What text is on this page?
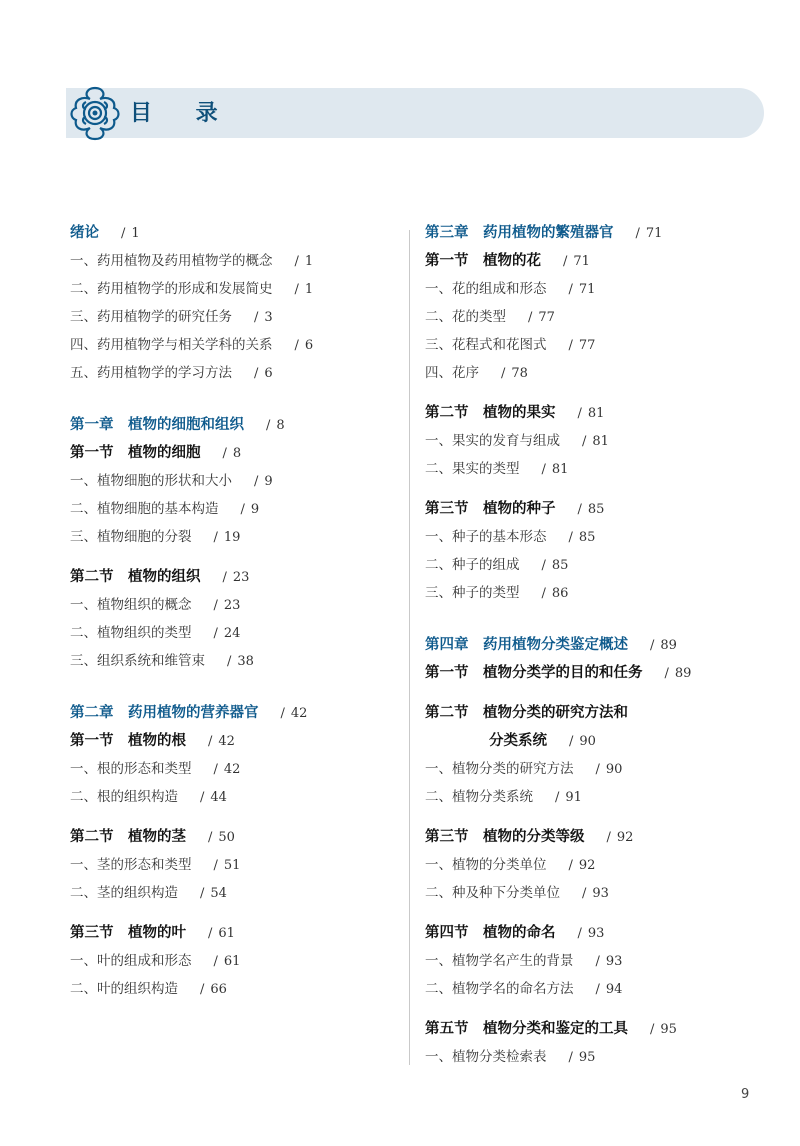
目 录
绪论 / 1
一、药用植物及药用植物学的概念 / 1
二、药用植物学的形成和发展简史 / 1
三、药用植物学的研究任务 / 3
四、药用植物学与相关学科的关系 / 6
五、药用植物学的学习方法 / 6
第一章　植物的细胞和组织 / 8
第一节　植物的细胞 / 8
一、植物细胞的形状和大小 / 9
二、植物细胞的基本构造 / 9
三、植物细胞的分裂 / 19
第二节　植物的组织 / 23
一、植物组织的概念 / 23
二、植物组织的类型 / 24
三、组织系统和维管束 / 38
第二章　药用植物的营养器官 / 42
第一节　植物的根 / 42
一、根的形态和类型 / 42
二、根的组织构造 / 44
第二节　植物的茎 / 50
一、茎的形态和类型 / 51
二、茎的组织构造 / 54
第三节　植物的叶 / 61
一、叶的组成和形态 / 61
二、叶的组织构造 / 66
第三章　药用植物的繁殖器官 / 71
第一节　植物的花 / 71
一、花的组成和形态 / 71
二、花的类型 / 77
三、花程式和花图式 / 77
四、花序 / 78
第二节　植物的果实 / 81
一、果实的发育与组成 / 81
二、果实的类型 / 81
第三节　植物的种子 / 85
一、种子的基本形态 / 85
二、种子的组成 / 85
三、种子的类型 / 86
第四章　药用植物分类鉴定概述 / 89
第一节　植物分类学的目的和任务 / 89
第二节　植物分类的研究方法和
分类系统 / 90
一、植物分类的研究方法 / 90
二、植物分类系统 / 91
第三节　植物的分类等级 / 92
一、植物的分类单位 / 92
二、种及种下分类单位 / 93
第四节　植物的命名 / 93
一、植物学名产生的背景 / 93
二、植物学名的命名方法 / 94
第五节　植物分类和鉴定的工具 / 95
一、植物分类检索表 / 95
9
